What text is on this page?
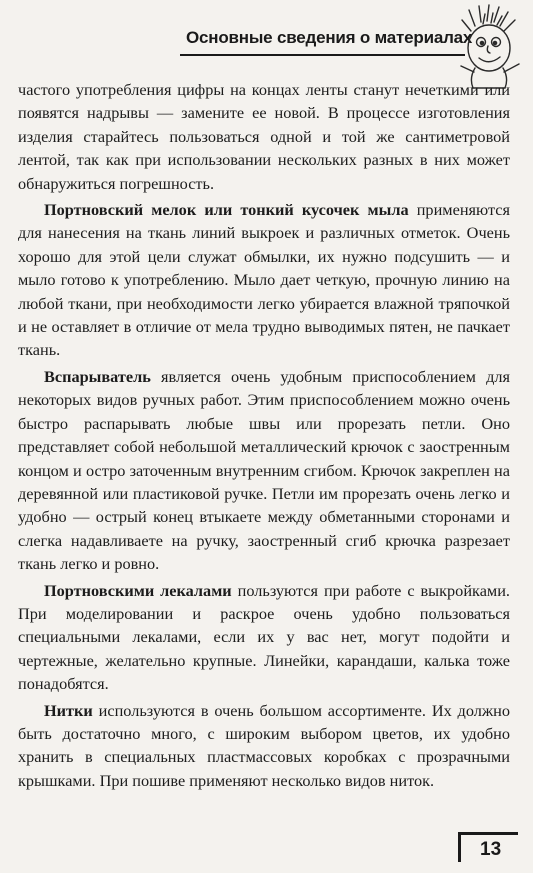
Основные сведения о материалах

частого употребления цифры на концах ленты станут нечеткими или появятся надрывы — замените ее новой. В процессе изготовления изделия старайтесь пользоваться одной и той же сантиметровой лентой, так как при использовании нескольких разных в них может обнаружиться погрешность.

Портновский мелок или тонкий кусочек мыла применяются для нанесения на ткань линий выкроек и различных отметок. Очень хорошо для этой цели служат обмылки, их нужно подсушить — и мыло готово к употреблению. Мыло дает четкую, прочную линию на любой ткани, при необходимости легко убирается влажной тряпочкой и не оставляет в отличие от мела трудно выводимых пятен, не пачкает ткань.

Вспарыватель является очень удобным приспособлением для некоторых видов ручных работ. Этим приспособлением можно очень быстро распарывать любые швы или прорезать петли. Оно представляет собой небольшой металлический крючок с заостренным концом и остро заточенным внутренним сгибом. Крючок закреплен на деревянной или пластиковой ручке. Петли им прорезать очень легко и удобно — острый конец втыкаете между обметанными сторонами и слегка надавливаете на ручку, заостренный сгиб крючка разрезает ткань легко и ровно.

Портновскими лекалами пользуются при работе с выкройками. При моделировании и раскрое очень удобно пользоваться специальными лекалами, если их у вас нет, могут подойти и чертежные, желательно крупные. Линейки, карандаши, калька тоже понадобятся.

Нитки используются в очень большом ассортименте. Их должно быть достаточно много, с широким выбором цветов, их удобно хранить в специальных пластмассовых коробках с прозрачными крышками. При пошиве применяют несколько видов ниток.

13
